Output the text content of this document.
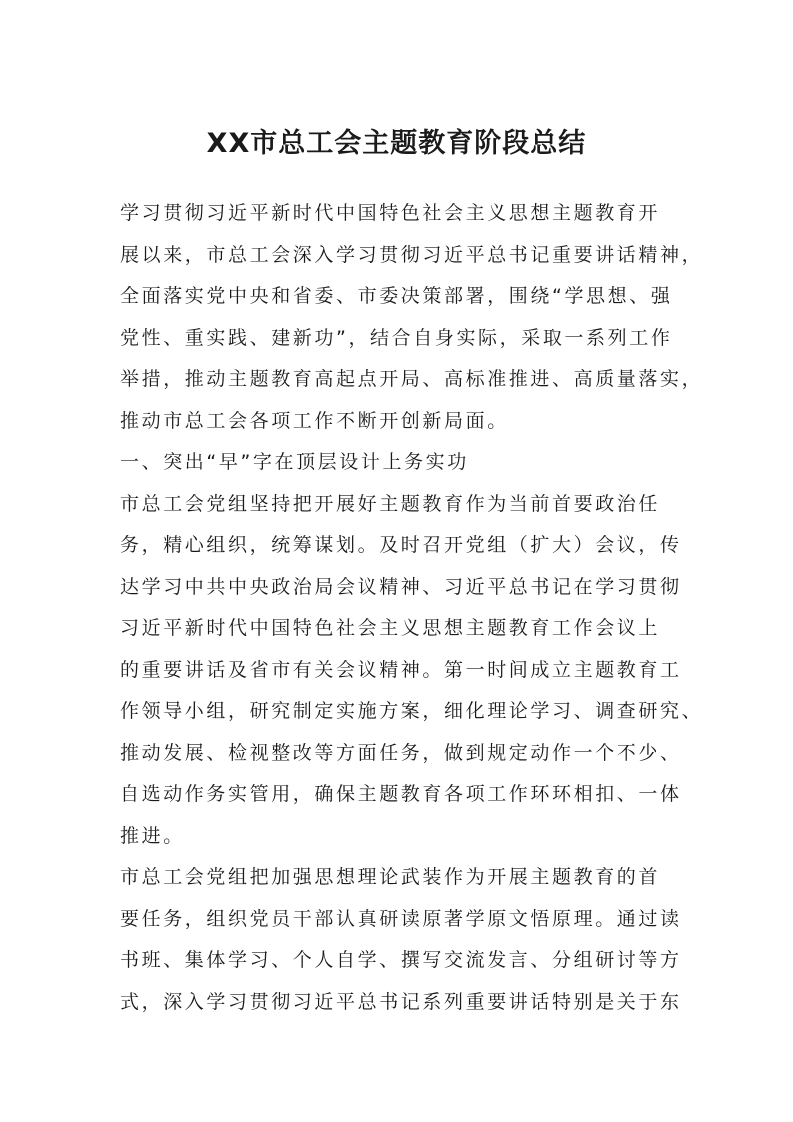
XX市总工会主题教育阶段总结

学习贯彻习近平新时代中国特色社会主义思想主题教育开
展以来，市总工会深入学习贯彻习近平总书记重要讲话精神，
全面落实党中央和省委、市委决策部署，围绕“学思想、强
党性、重实践、建新功”，结合自身实际，采取一系列工作
举措，推动主题教育高起点开局、高标准推进、高质量落实，
推动市总工会各项工作不断开创新局面。

一、突出“早”字在顶层设计上务实功

市总工会党组坚持把开展好主题教育作为当前首要政治任
务，精心组织，统筹谋划。及时召开党组（扩大）会议，传
达学习中共中央政治局会议精神、习近平总书记在学习贯彻
习近平新时代中国特色社会主义思想主题教育工作会议上
的重要讲话及省市有关会议精神。第一时间成立主题教育工
作领导小组，研究制定实施方案，细化理论学习、调查研究、
推动发展、检视整改等方面任务，做到规定动作一个不少、
自选动作务实管用，确保主题教育各项工作环环相扣、一体
推进。

市总工会党组把加强思想理论武装作为开展主题教育的首
要任务，组织党员干部认真研读原著学原文悟原理。通过读
书班、集体学习、个人自学、撰写交流发言、分组研讨等方
式，深入学习贯彻习近平总书记系列重要讲话特别是关于东
